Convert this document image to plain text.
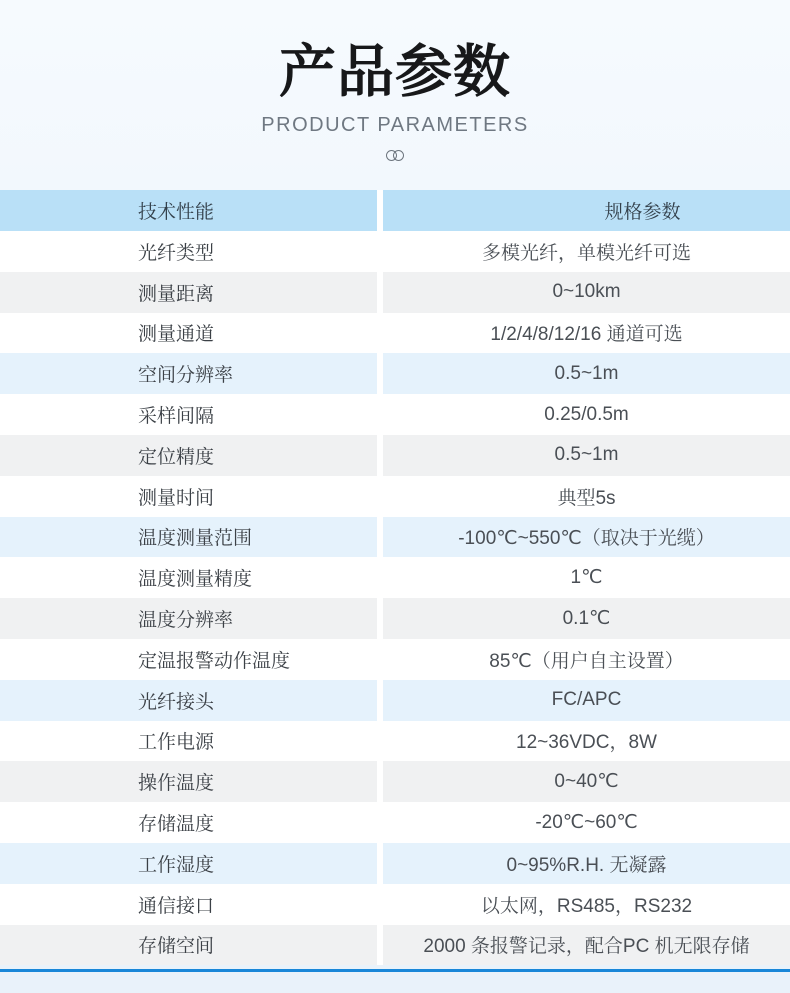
产品参数
PRODUCT PARAMETERS
技术性能	规格参数
光纤类型	多模光纤，单模光纤可选
测量距离	0~10km
测量通道	1/2/4/8/12/16 通道可选
空间分辨率	0.5~1m
采样间隔	0.25/0.5m
定位精度	0.5~1m
测量时间	典型5s
温度测量范围	-100℃~550℃（取决于光缆）
温度测量精度	1℃
温度分辨率	0.1℃
定温报警动作温度	85℃（用户自主设置）
光纤接头	FC/APC
工作电源	12~36VDC，8W
操作温度	0~40℃
存储温度	-20℃~60℃
工作湿度	0~95%R.H. 无凝露
通信接口	以太网，RS485，RS232
存储空间	2000 条报警记录，配合PC 机无限存储
